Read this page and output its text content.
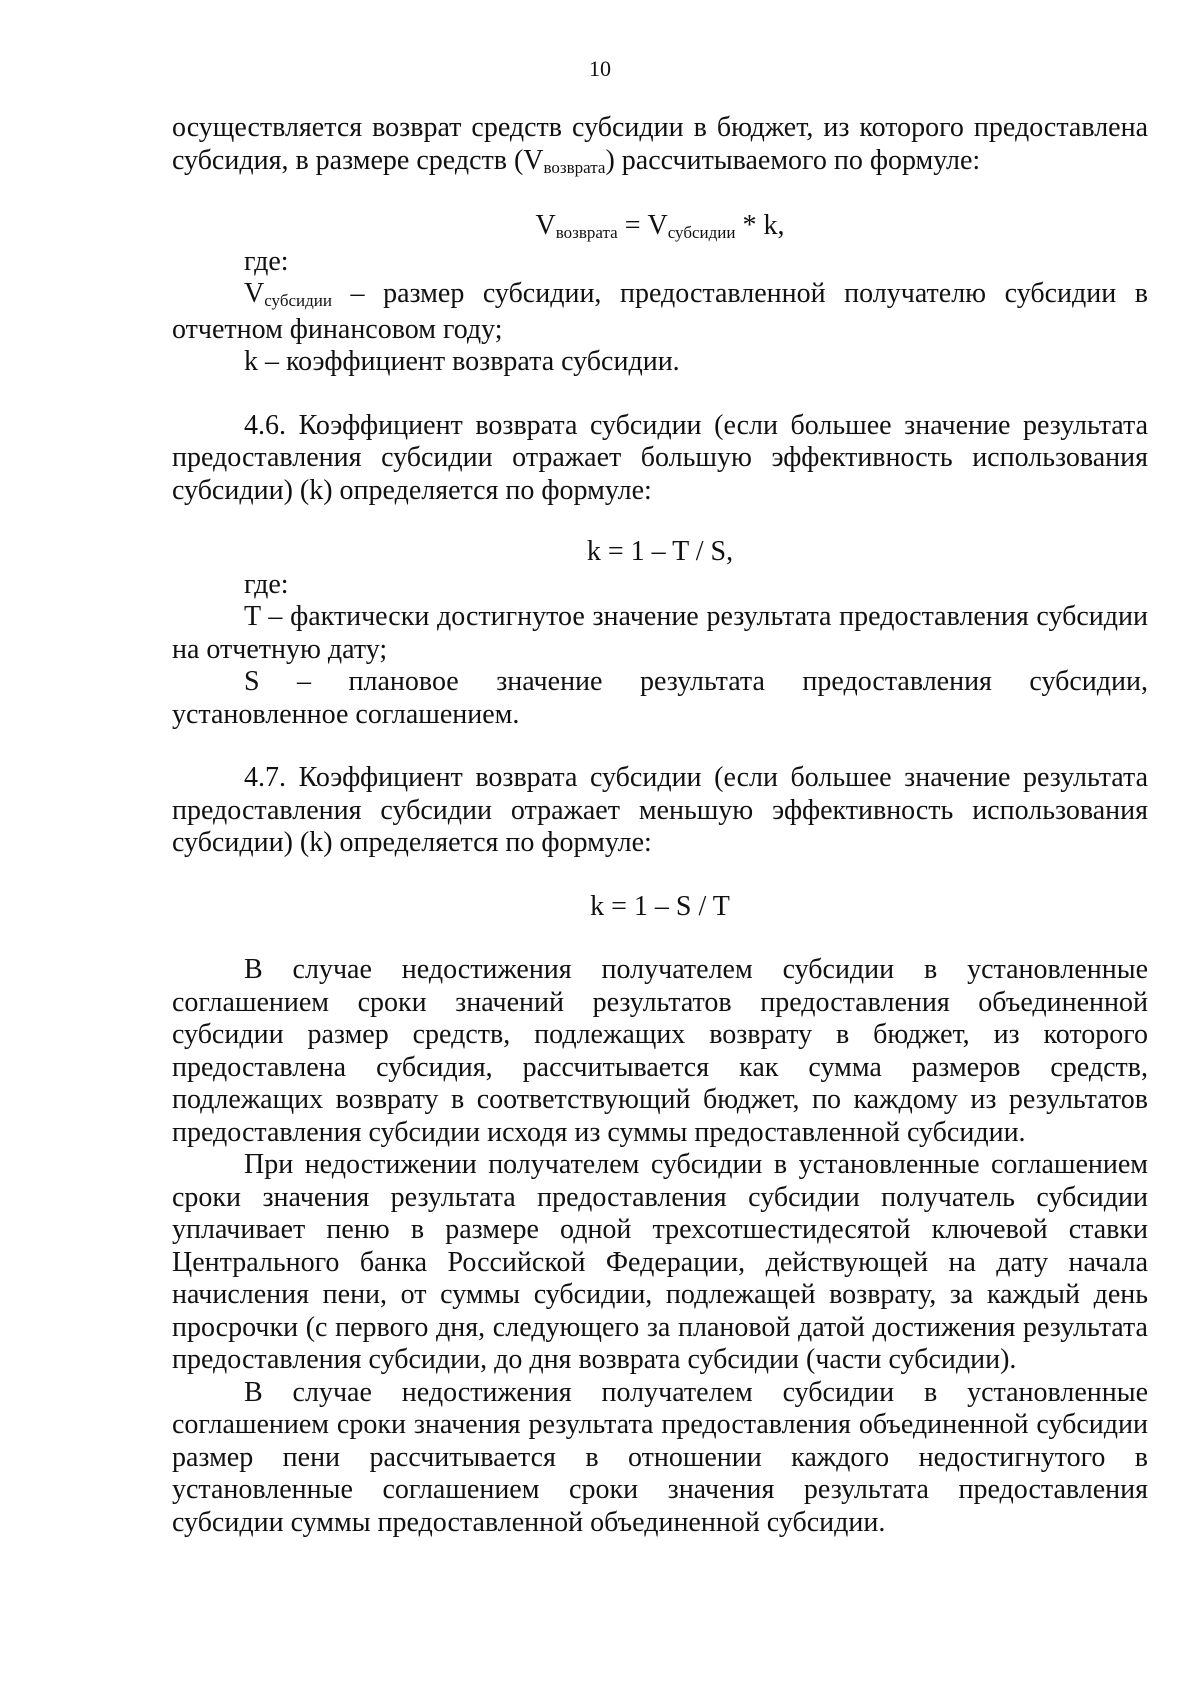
10

осуществляется возврат средств субсидии в бюджет, из которого предоставлена субсидия, в размере средств (Vвозврата) рассчитываемого по формуле:

Vвозврата = Vсубсидии * k,

где:

Vсубсидии – размер субсидии, предоставленной получателю субсидии в отчетном финансовом году;

k – коэффициент возврата субсидии.

4.6. Коэффициент возврата субсидии (если большее значение результата предоставления субсидии отражает большую эффективность использования субсидии) (k) определяется по формуле:

k = 1 – T / S,

где:

T – фактически достигнутое значение результата предоставления субсидии на отчетную дату;

S – плановое значение результата предоставления субсидии, установленное соглашением.

4.7. Коэффициент возврата субсидии (если большее значение результата предоставления субсидии отражает меньшую эффективность использования субсидии) (k) определяется по формуле:

k = 1 – S / T

В случае недостижения получателем субсидии в установленные соглашением сроки значений результатов предоставления объединенной субсидии размер средств, подлежащих возврату в бюджет, из которого предоставлена субсидия, рассчитывается как сумма размеров средств, подлежащих возврату в соответствующий бюджет, по каждому из результатов предоставления субсидии исходя из суммы предоставленной субсидии.

При недостижении получателем субсидии в установленные соглашением сроки значения результата предоставления субсидии получатель субсидии уплачивает пеню в размере одной трехсотшестидесятой ключевой ставки Центрального банка Российской Федерации, действующей на дату начала начисления пени, от суммы субсидии, подлежащей возврату, за каждый день просрочки (с первого дня, следующего за плановой датой достижения результата предоставления субсидии, до дня возврата субсидии (части субсидии).

В случае недостижения получателем субсидии в установленные соглашением сроки значения результата предоставления объединенной субсидии размер пени рассчитывается в отношении каждого недостигнутого в установленные соглашением сроки значения результата предоставления субсидии суммы предоставленной объединенной субсидии.
